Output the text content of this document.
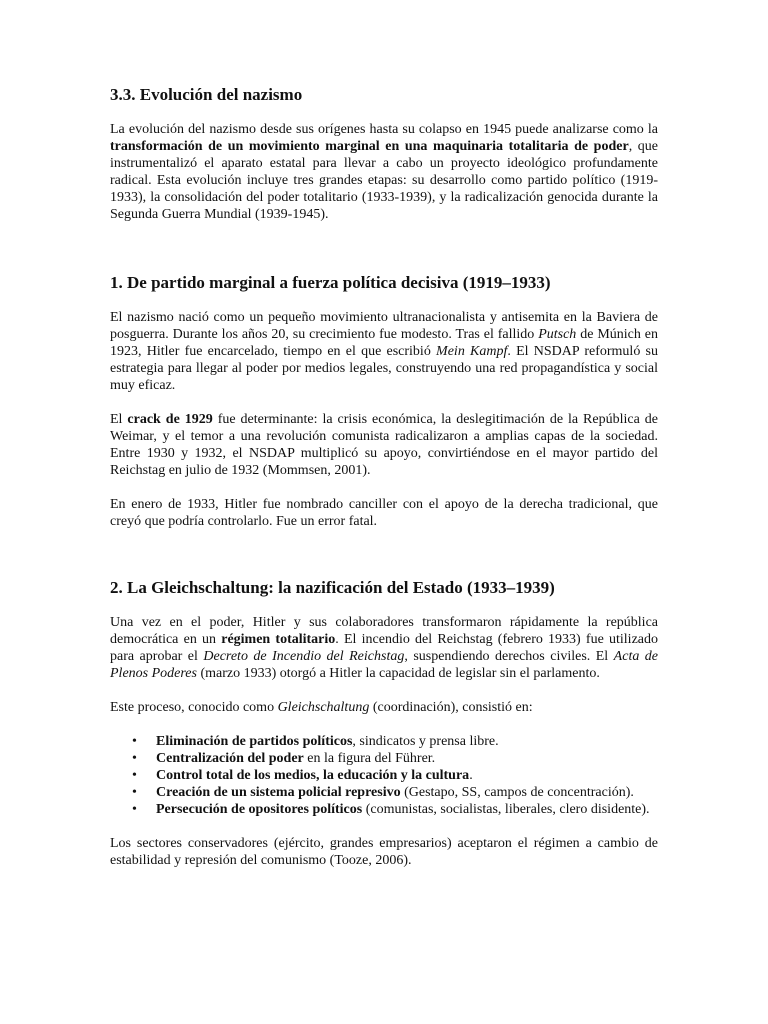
3.3. Evolución del nazismo

La evolución del nazismo desde sus orígenes hasta su colapso en 1945 puede analizarse como la transformación de un movimiento marginal en una maquinaria totalitaria de poder, que instrumentalizó el aparato estatal para llevar a cabo un proyecto ideológico profundamente radical. Esta evolución incluye tres grandes etapas: su desarrollo como partido político (1919-1933), la consolidación del poder totalitario (1933-1939), y la radicalización genocida durante la Segunda Guerra Mundial (1939-1945).

1. De partido marginal a fuerza política decisiva (1919–1933)

El nazismo nació como un pequeño movimiento ultranacionalista y antisemita en la Baviera de posguerra. Durante los años 20, su crecimiento fue modesto. Tras el fallido Putsch de Múnich en 1923, Hitler fue encarcelado, tiempo en el que escribió Mein Kampf. El NSDAP reformuló su estrategia para llegar al poder por medios legales, construyendo una red propagandística y social muy eficaz.

El crack de 1929 fue determinante: la crisis económica, la deslegitimación de la República de Weimar, y el temor a una revolución comunista radicalizaron a amplias capas de la sociedad. Entre 1930 y 1932, el NSDAP multiplicó su apoyo, convirtiéndose en el mayor partido del Reichstag en julio de 1932 (Mommsen, 2001).

En enero de 1933, Hitler fue nombrado canciller con el apoyo de la derecha tradicional, que creyó que podría controlarlo. Fue un error fatal.

2. La Gleichschaltung: la nazificación del Estado (1933–1939)

Una vez en el poder, Hitler y sus colaboradores transformaron rápidamente la república democrática en un régimen totalitario. El incendio del Reichstag (febrero 1933) fue utilizado para aprobar el Decreto de Incendio del Reichstag, suspendiendo derechos civiles. El Acta de Plenos Poderes (marzo 1933) otorgó a Hitler la capacidad de legislar sin el parlamento.

Este proceso, conocido como Gleichschaltung (coordinación), consistió en:

• Eliminación de partidos políticos, sindicatos y prensa libre.
• Centralización del poder en la figura del Führer.
• Control total de los medios, la educación y la cultura.
• Creación de un sistema policial represivo (Gestapo, SS, campos de concentración).
• Persecución de opositores políticos (comunistas, socialistas, liberales, clero disidente).

Los sectores conservadores (ejército, grandes empresarios) aceptaron el régimen a cambio de estabilidad y represión del comunismo (Tooze, 2006).
